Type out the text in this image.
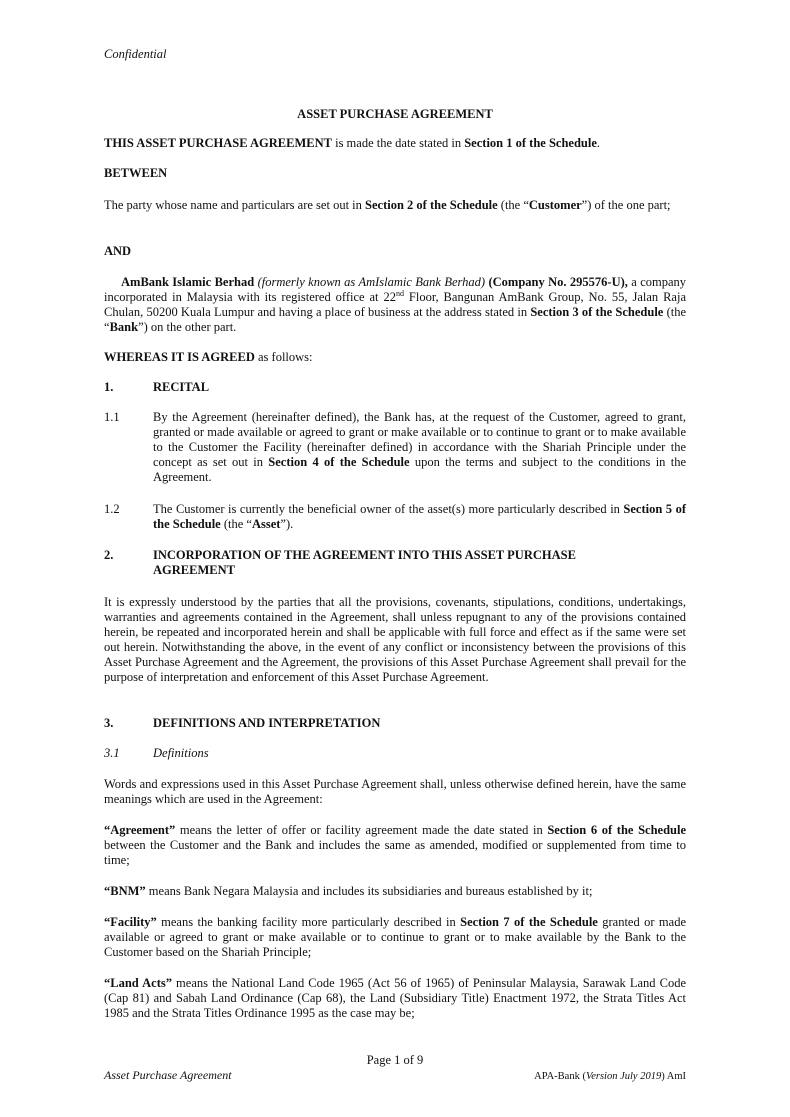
Confidential
ASSET PURCHASE AGREEMENT
THIS ASSET PURCHASE AGREEMENT is made the date stated in Section 1 of the Schedule.
BETWEEN
The party whose name and particulars are set out in Section 2 of the Schedule (the “Customer”) of the one part;
AND
AmBank Islamic Berhad (formerly known as AmIslamic Bank Berhad) (Company No. 295576-U), a company incorporated in Malaysia with its registered office at 22nd Floor, Bangunan AmBank Group, No. 55, Jalan Raja Chulan, 50200 Kuala Lumpur and having a place of business at the address stated in Section 3 of the Schedule (the “Bank”) on the other part.
WHEREAS IT IS AGREED as follows:
1.	RECITAL
1.1	By the Agreement (hereinafter defined), the Bank has, at the request of the Customer, agreed to grant, granted or made available or agreed to grant or make available or to continue to grant or to make available to the Customer the Facility (hereinafter defined) in accordance with the Shariah Principle under the concept as set out in Section 4 of the Schedule upon the terms and subject to the conditions in the Agreement.
1.2	The Customer is currently the beneficial owner of the asset(s) more particularly described in Section 5 of the Schedule (the “Asset”).
2.	INCORPORATION OF THE AGREEMENT INTO THIS ASSET PURCHASE AGREEMENT
It is expressly understood by the parties that all the provisions, covenants, stipulations, conditions, undertakings, warranties and agreements contained in the Agreement, shall unless repugnant to any of the provisions contained herein, be repeated and incorporated herein and shall be applicable with full force and effect as if the same were set out herein. Notwithstanding the above, in the event of any conflict or inconsistency between the provisions of this Asset Purchase Agreement and the Agreement, the provisions of this Asset Purchase Agreement shall prevail for the purpose of interpretation and enforcement of this Asset Purchase Agreement.
3.	DEFINITIONS AND INTERPRETATION
3.1	Definitions
Words and expressions used in this Asset Purchase Agreement shall, unless otherwise defined herein, have the same meanings which are used in the Agreement:
“Agreement” means the letter of offer or facility agreement made the date stated in Section 6 of the Schedule between the Customer and the Bank and includes the same as amended, modified or supplemented from time to time;
“BNM” means Bank Negara Malaysia and includes its subsidiaries and bureaus established by it;
“Facility” means the banking facility more particularly described in Section 7 of the Schedule granted or made available or agreed to grant or make available or to continue to grant or to make available by the Bank to the Customer based on the Shariah Principle;
“Land Acts” means the National Land Code 1965 (Act 56 of 1965) of Peninsular Malaysia, Sarawak Land Code (Cap 81) and Sabah Land Ordinance (Cap 68), the Land (Subsidiary Title) Enactment 1972, the Strata Titles Act 1985 and the Strata Titles Ordinance 1995 as the case may be;
Page 1 of 9
Asset Purchase Agreement	APA-Bank (Version July 2019) AmI
